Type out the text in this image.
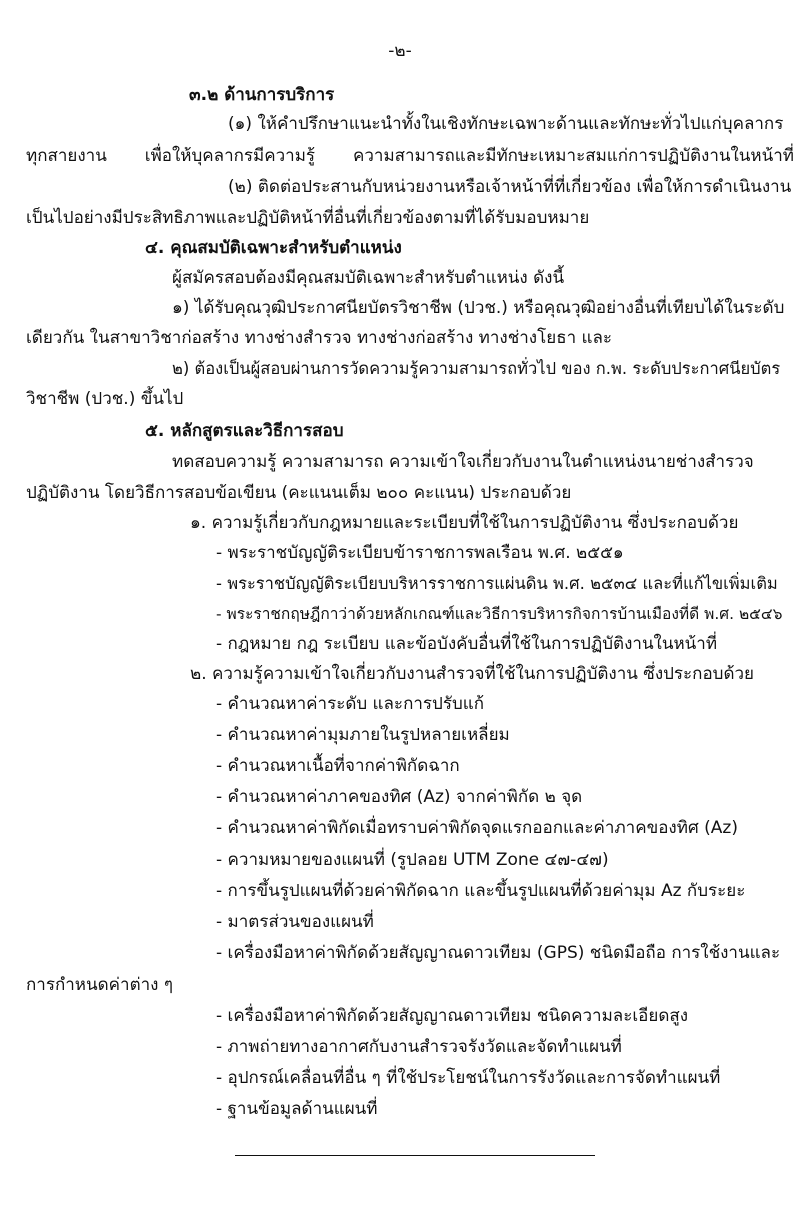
-๒-
๓.๒ ด้านการบริการ
(๑) ให้คำปรึกษาแนะนำทั้งในเชิงทักษะเฉพาะด้านและทักษะทั่วไปแก่บุคลากร
ทุกสายงาน เพื่อให้บุคลากรมีความรู้ ความสามารถและมีทักษะเหมาะสมแก่การปฏิบัติงานในหน้าที่
(๒) ติดต่อประสานกับหน่วยงานหรือเจ้าหน้าที่ที่เกี่ยวข้อง เพื่อให้การดำเนินงาน
เป็นไปอย่างมีประสิทธิภาพและปฏิบัติหน้าที่อื่นที่เกี่ยวข้องตามที่ได้รับมอบหมาย
๔. คุณสมบัติเฉพาะสำหรับตำแหน่ง
ผู้สมัครสอบต้องมีคุณสมบัติเฉพาะสำหรับตำแหน่ง ดังนี้
๑) ได้รับคุณวุฒิประกาศนียบัตรวิชาชีพ (ปวช.) หรือคุณวุฒิอย่างอื่นที่เทียบได้ในระดับ
เดียวกัน ในสาขาวิชาก่อสร้าง ทางช่างสำรวจ ทางช่างก่อสร้าง ทางช่างโยธา และ
๒) ต้องเป็นผู้สอบผ่านการวัดความรู้ความสามารถทั่วไป ของ ก.พ. ระดับประกาศนียบัตร
วิชาชีพ (ปวช.) ขึ้นไป
๕. หลักสูตรและวิธีการสอบ
ทดสอบความรู้ ความสามารถ ความเข้าใจเกี่ยวกับงานในตำแหน่งนายช่างสำรวจ
ปฏิบัติงาน โดยวิธีการสอบข้อเขียน (คะแนนเต็ม ๒๐๐ คะแนน) ประกอบด้วย
๑. ความรู้เกี่ยวกับกฎหมายและระเบียบที่ใช้ในการปฏิบัติงาน ซึ่งประกอบด้วย
- พระราชบัญญัติระเบียบข้าราชการพลเรือน พ.ศ. ๒๕๕๑
- พระราชบัญญัติระเบียบบริหารราชการแผ่นดิน พ.ศ. ๒๕๓๔ และที่แก้ไขเพิ่มเติม
- พระราชกฤษฎีกาว่าด้วยหลักเกณฑ์และวิธีการบริหารกิจการบ้านเมืองที่ดี พ.ศ. ๒๕๔๖
- กฎหมาย กฎ ระเบียบ และข้อบังคับอื่นที่ใช้ในการปฏิบัติงานในหน้าที่
๒. ความรู้ความเข้าใจเกี่ยวกับงานสำรวจที่ใช้ในการปฏิบัติงาน ซึ่งประกอบด้วย
- คำนวณหาค่าระดับ และการปรับแก้
- คำนวณหาค่ามุมภายในรูปหลายเหลี่ยม
- คำนวณหาเนื้อที่จากค่าพิกัดฉาก
- คำนวณหาค่าภาคของทิศ (Az) จากค่าพิกัด ๒ จุด
- คำนวณหาค่าพิกัดเมื่อทราบค่าพิกัดจุดแรกออกและค่าภาคของทิศ (Az)
- ความหมายของแผนที่ (รูปลอย UTM Zone ๔๗-๔๗)
- การขึ้นรูปแผนที่ด้วยค่าพิกัดฉาก และขึ้นรูปแผนที่ด้วยค่ามุม Az กับระยะ
- มาตรส่วนของแผนที่
- เครื่องมือหาค่าพิกัดด้วยสัญญาณดาวเทียม (GPS) ชนิดมือถือ การใช้งานและ
การกำหนดค่าต่าง ๆ
- เครื่องมือหาค่าพิกัดด้วยสัญญาณดาวเทียม ชนิดความละเอียดสูง
- ภาพถ่ายทางอากาศกับงานสำรวจรังวัดและจัดทำแผนที่
- อุปกรณ์เคลื่อนที่อื่น ๆ ที่ใช้ประโยชน์ในการรังวัดและการจัดทำแผนที่
- ฐานข้อมูลด้านแผนที่
